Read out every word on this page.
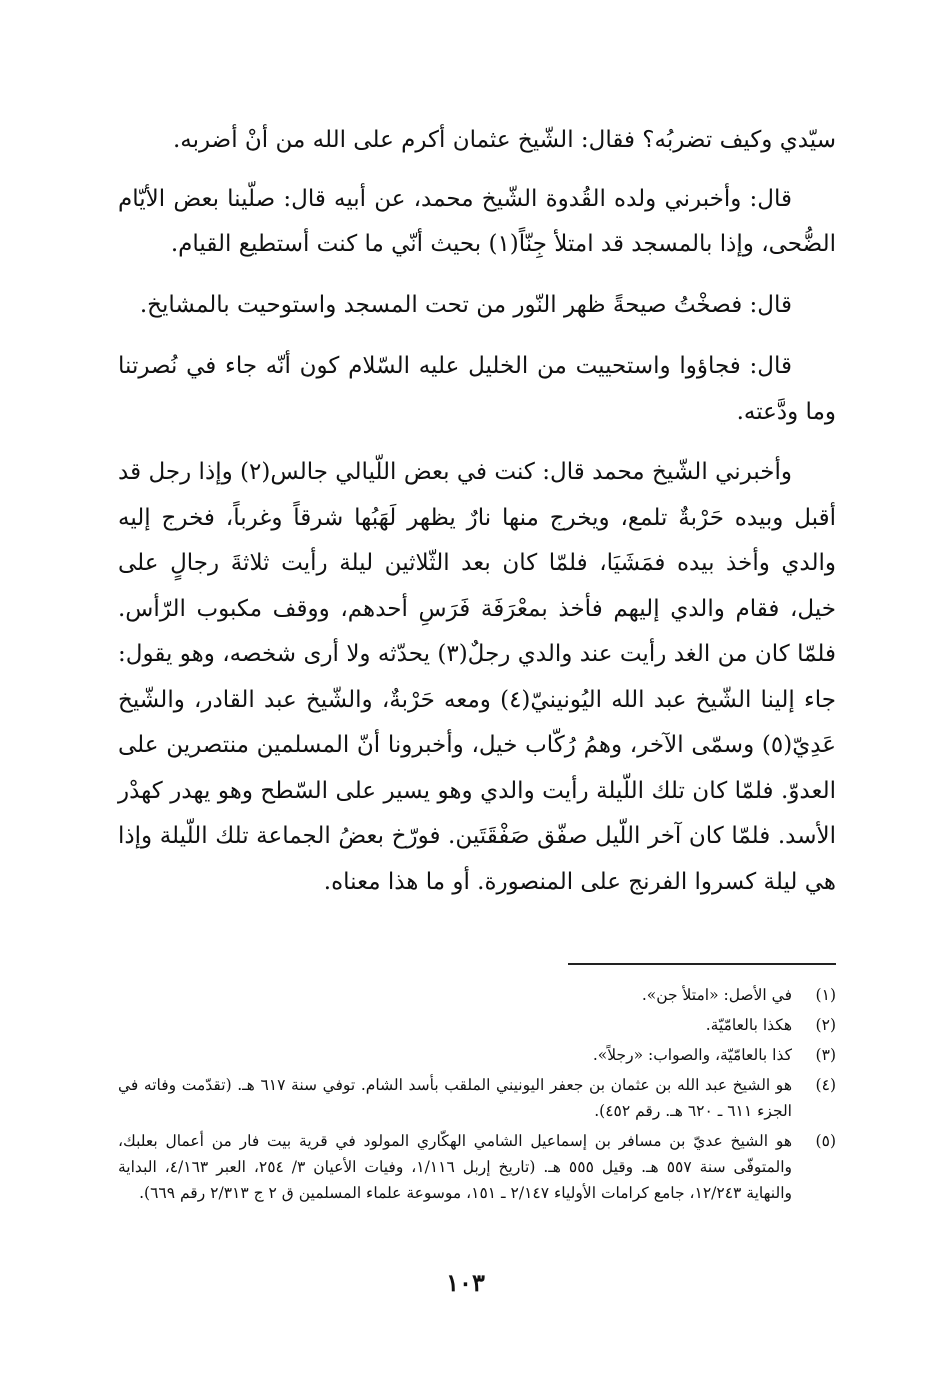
سيّدي وكيف تضربُه؟ فقال: الشّيخ عثمان أكرم على الله من أنْ أضربه.

قال: وأخبرني ولده القُدوة الشّيخ محمد، عن أبيه قال: صلّينا بعض الأيّام الضُّحى، وإذا بالمسجد قد امتلأ جِنّاً(١) بحيث أنّي ما كنت أستطيع القيام.

قال: فصخْتُ صيحةً ظهر النّور من تحت المسجد واستوحيت بالمشايخ.

قال: فجاؤوا واستحييت من الخليل عليه السّلام كون أنّه جاء في نُصرتنا وما ودَّعته.

وأخبرني الشّيخ محمد قال: كنت في بعض اللّيالي جالس(٢) وإذا رجل قد أقبل وبيده حَرْبةٌ تلمع، ويخرج منها نارٌ يظهر لَهَبُها شرقاً وغرباً، فخرج إليه والدي وأخذ بيده فمَشَيَا، فلمّا كان بعد الثّلاثين ليلة رأيت ثلاثةَ رجالٍ على خيل، فقام والدي إليهم فأخذ بمعْرَفَة فَرَسِ أحدهم، ووقف مكبوب الرّأس. فلمّا كان من الغد رأيت عند والدي رجلٌ(٣) يحدّثه ولا أرى شخصه، وهو يقول: جاء إلينا الشّيخ عبد الله اليُونينيّ(٤) ومعه حَرْبةٌ، والشّيخ عبد القادر، والشّيخ عَدِيّ(٥) وسمّى الآخر، وهمُ رُكّاب خيل، وأخبرونا أنّ المسلمين منتصرين على العدوّ. فلمّا كان تلك اللّيلة رأيت والدي وهو يسير على السّطح وهو يهدر كهدْر الأسد. فلمّا كان آخر اللّيل صفّق صَفْقَتَين. فورّخ بعضُ الجماعة تلك اللّيلة وإذا هي ليلة كسروا الفرنج على المنصورة. أو ما هذا معناه.

(١)
في الأصل: «امتلأ جن».
(٢)
هكذا بالعامّيّة.
(٣)
كذا بالعامّيّة، والصواب: «رجلاً».
(٤)
هو الشيخ عبد الله بن عثمان بن جعفر اليونيني الملقب بأسد الشام. توفي سنة ٦١٧ هـ. (تقدّمت وفاته في الجزء ٦١١ ـ ٦٢٠ هـ. رقم ٤٥٢).
(٥)
هو الشيخ عديّ بن مسافر بن إسماعيل الشامي الهكّاري المولود في قرية بيت فار من أعمال بعلبك، والمتوفّى سنة ٥٥٧ هـ. وقيل ٥٥٥ هـ. (تاريخ إربل ١/١١٦، وفيات الأعيان ٣/ ٢٥٤، العبر ٤/١٦٣، البداية والنهاية ١٢/٢٤٣، جامع كرامات الأولياء ٢/١٤٧ ـ ١٥١، موسوعة علماء المسلمين ق ٢ ج ٢/٣١٣ رقم ٦٦٩).
١٠٣
